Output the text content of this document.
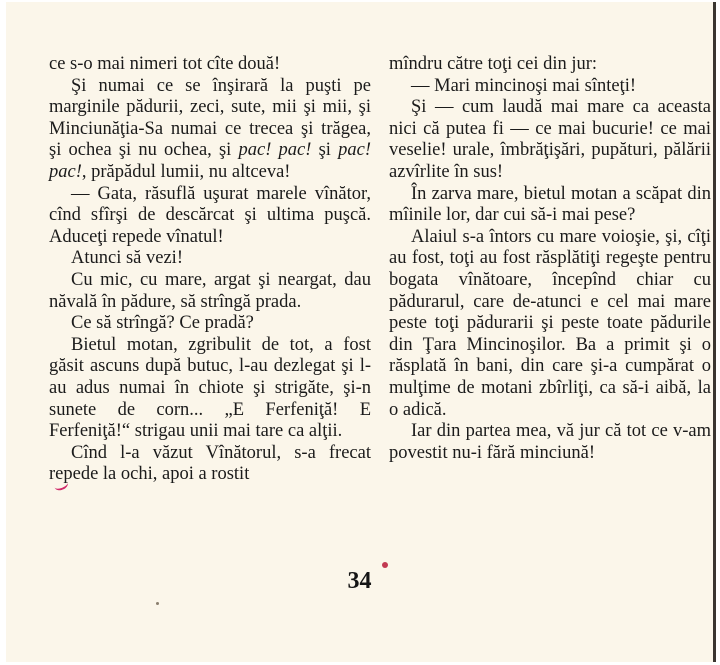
ce s-o mai nimeri tot cîte două!

Şi numai ce se înşirară la puşti pe marginile pădurii, zeci, sute, mii şi mii, şi Minciunăţia-Sa numai ce trecea şi trăgea, şi ochea şi nu ochea, şi pac! pac! şi pac! pac!, prăpădul lumii, nu altceva!

— Gata, răsuflă uşurat marele vînător, cînd sfîrşi de descărcat şi ultima puşcă. Aduceţi repede vînatul!

Atunci să vezi!

Cu mic, cu mare, argat şi neargat, dau năvală în pădure, să strîngă prada.

Ce să strîngă? Ce pradă?

Bietul motan, zgribulit de tot, a fost găsit ascuns după butuc, l-au dezlegat şi l-au adus numai în chiote şi strigăte, şi-n sunete de corn... „E Ferfeniţă! E Ferfeniţă!“ strigau unii mai tare ca alţii.

Cînd l-a văzut Vînătorul, s-a frecat repede la ochi, apoi a rostit

mîndru către toţi cei din jur:

— Mari mincinoşi mai sînteţi!

Şi — cum laudă mai mare ca aceasta nici că putea fi — ce mai bucurie! ce mai veselie! urale, îmbrăţişări, pupături, pălării azvîrlite în sus!

În zarva mare, bietul motan a scăpat din mîinile lor, dar cui să-i mai pese?

Alaiul s-a întors cu mare voioşie, şi, cîţi au fost, toţi au fost răsplătiţi regeşte pentru bogata vînătoare, începînd chiar cu pădurarul, care de-atunci e cel mai mare peste toţi pădurarii şi peste toate pădurile din Ţara Mincinoşilor. Ba a primit şi o răsplată în bani, din care şi-a cumpărat o mulţime de motani zbîrliţi, ca să-i aibă, la o adică.

Iar din partea mea, vă jur că tot ce v-am povestit nu-i fără minciună!

34
